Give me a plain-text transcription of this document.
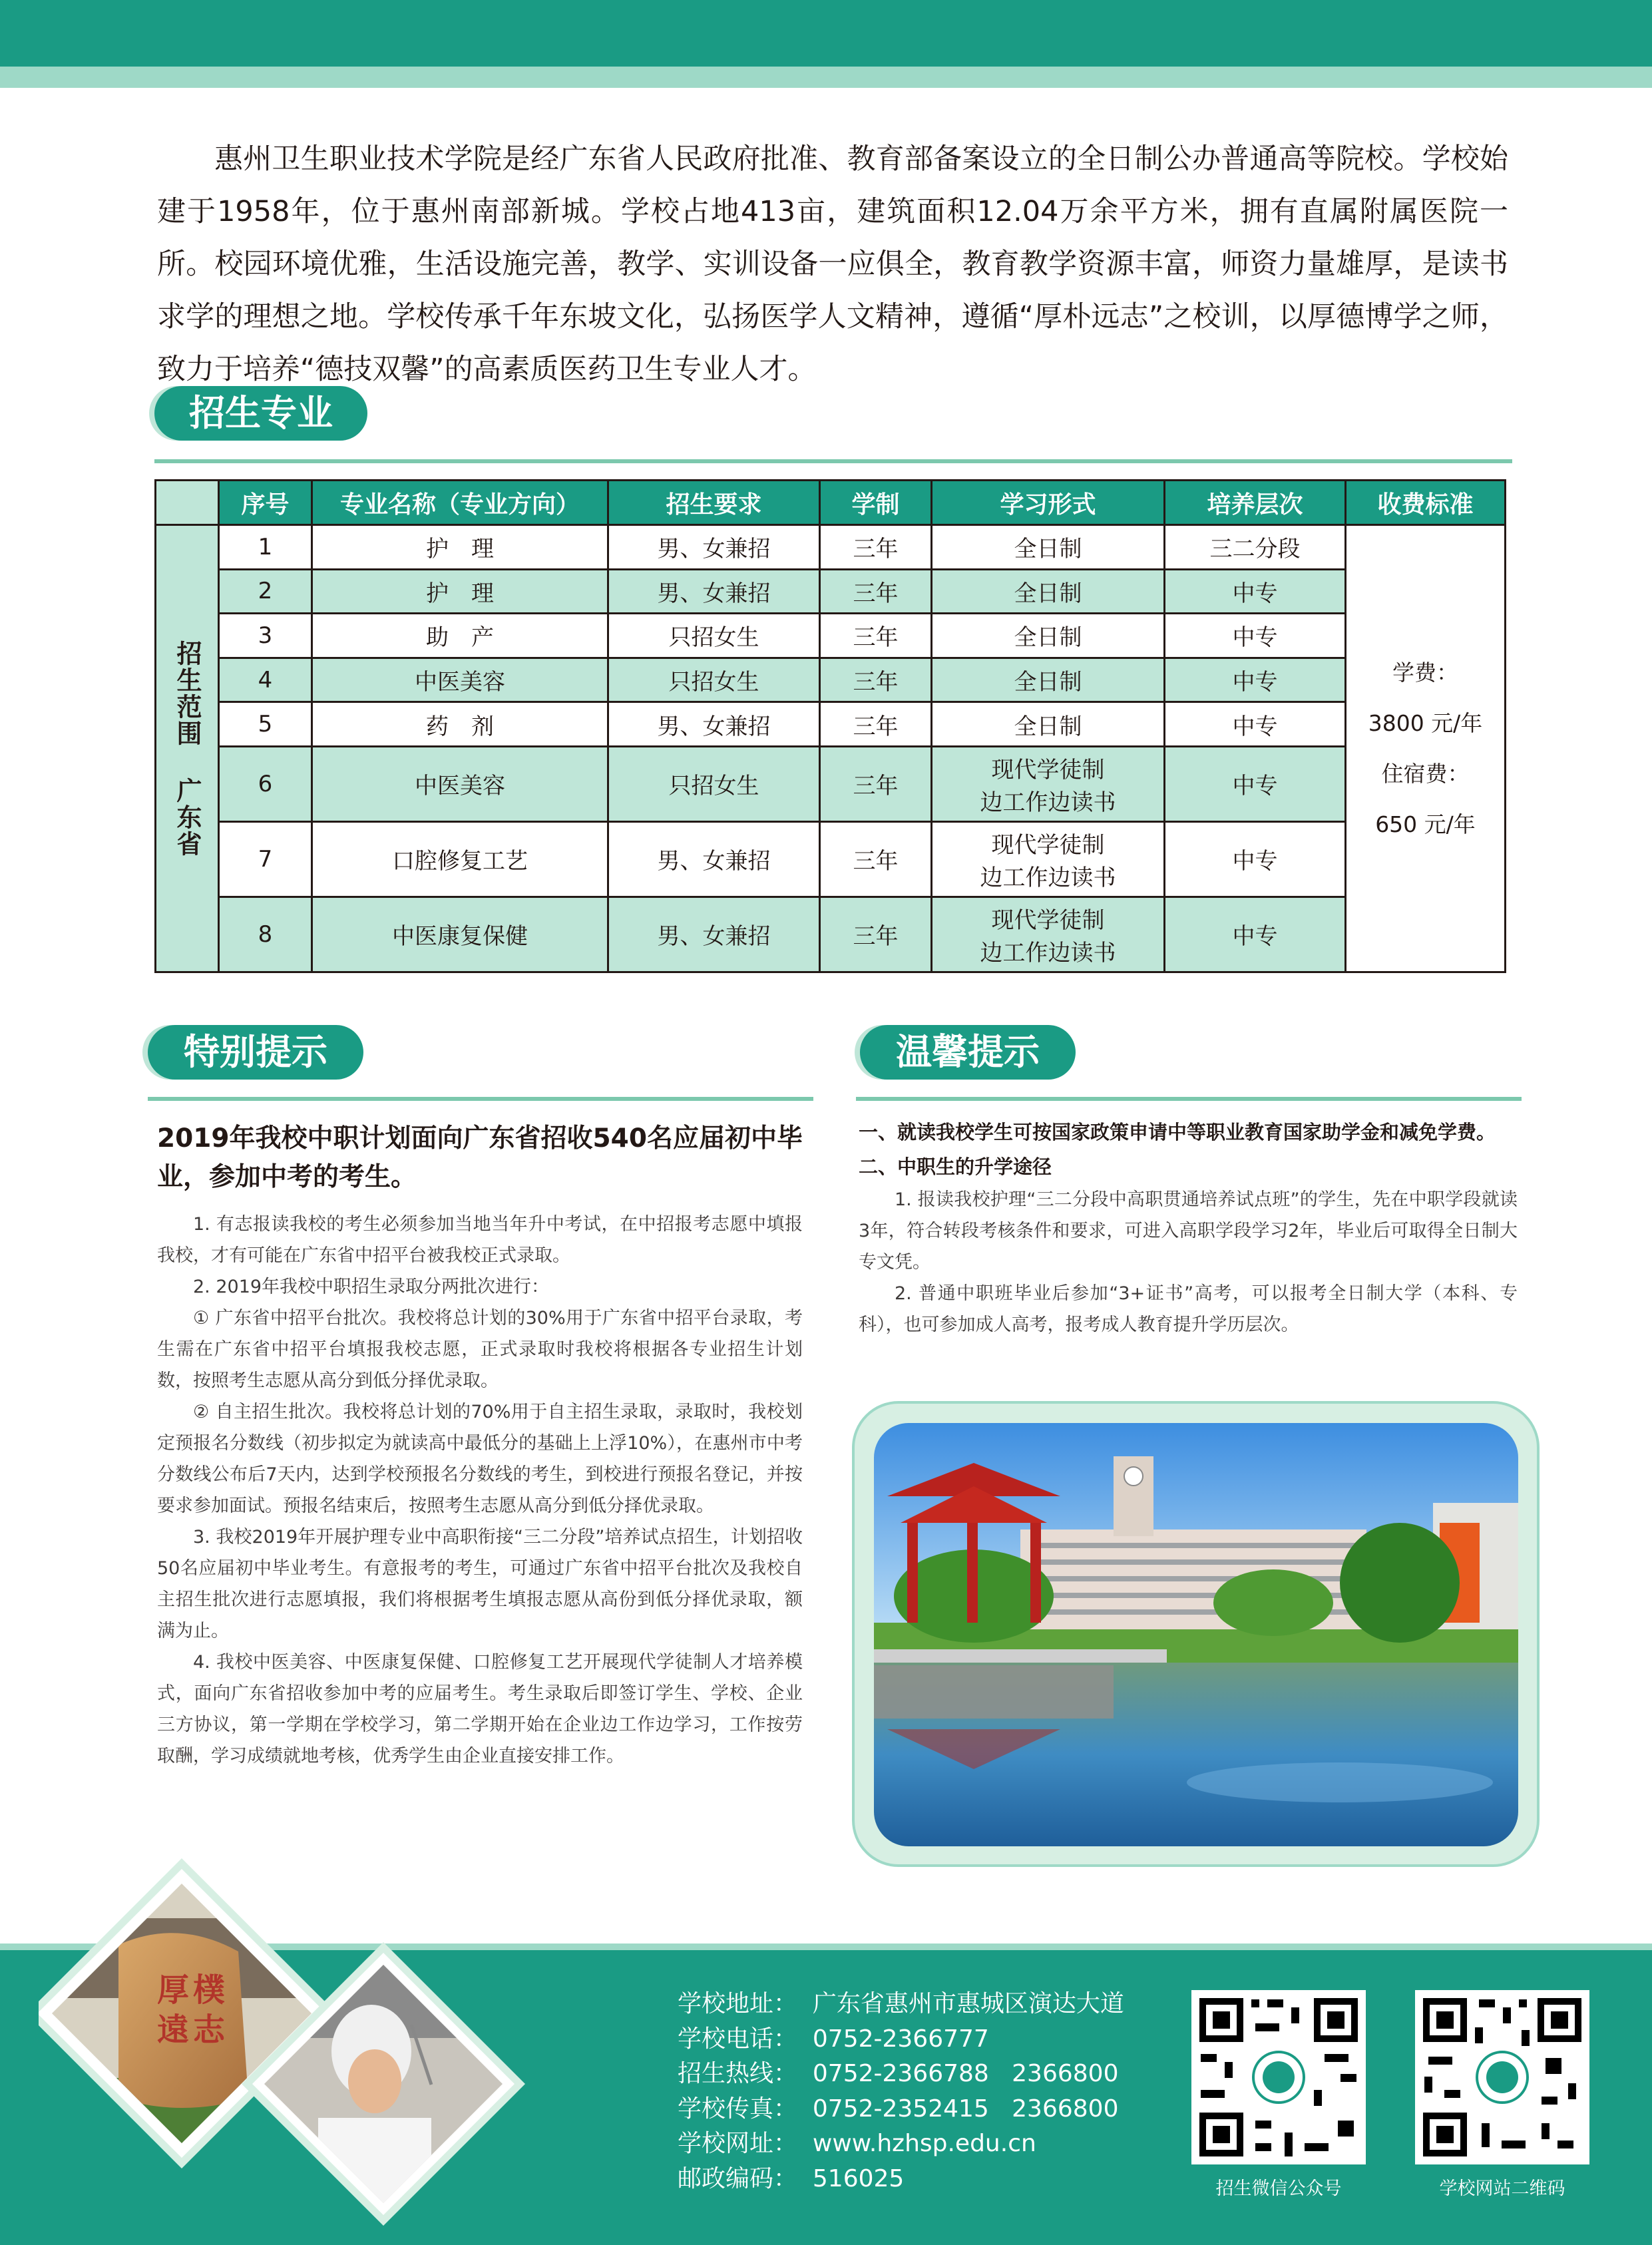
惠州卫生职业技术学院是经广东省人民政府批准、教育部备案设立的全日制公办普通高等院校。学校始建于1958年，位于惠州南部新城。学校占地413亩，建筑面积12.04万余平方米，拥有直属附属医院一所。校园环境优雅，生活设施完善，教学、实训设备一应俱全，教育教学资源丰富，师资力量雄厚，是读书求学的理想之地。学校传承千年东坡文化，弘扬医学人文精神，遵循“厚朴远志”之校训，以厚德博学之师，致力于培养“德技双馨”的高素质医药卫生专业人才。
招生专业
	序号	专业名称（专业方向）	招生要求	学制	学习形式	培养层次	收费标准

招生范围 广东省	1	护　理	男、女兼招	三年	全日制	三二分段	学费：
3800 元/年
住宿费：
650 元/年

	2	护　理	男、女兼招	三年	全日制	中专	
	3	助　产	只招女生	三年	全日制	中专	
	4	中医美容	只招女生	三年	全日制	中专	
	5	药　剂	男、女兼招	三年	全日制	中专	
	6	中医美容	只招女生	三年	现代学徒制
边工作边读书	中专	
	7	口腔修复工艺	男、女兼招	三年	现代学徒制
边工作边读书	中专	
	8	中医康复保健	男、女兼招	三年	现代学徒制
边工作边读书	中专	
特别提示
2019年我校中职计划面向广东省招收540名应届初中毕业，参加中考的考生。

1. 有志报读我校的考生必须参加当地当年升中考试，在中招报考志愿中填报我校，才有可能在广东省中招平台被我校正式录取。

2. 2019年我校中职招生录取分两批次进行：

① 广东省中招平台批次。我校将总计划的30%用于广东省中招平台录取，考生需在广东省中招平台填报我校志愿，正式录取时我校将根据各专业招生计划数，按照考生志愿从高分到低分择优录取。

② 自主招生批次。我校将总计划的70%用于自主招生录取，录取时，我校划定预报名分数线（初步拟定为就读高中最低分的基础上上浮10%），在惠州市中考分数线公布后7天内，达到学校预报名分数线的考生，到校进行预报名登记，并按要求参加面试。预报名结束后，按照考生志愿从高分到低分择优录取。

3. 我校2019年开展护理专业中高职衔接“三二分段”培养试点招生，计划招收50名应届初中毕业考生。有意报考的考生，可通过广东省中招平台批次及我校自主招生批次进行志愿填报，我们将根据考生填报志愿从高份到低分择优录取，额满为止。

4. 我校中医美容、中医康复保健、口腔修复工艺开展现代学徒制人才培养模式，面向广东省招收参加中考的应届考生。考生录取后即签订学生、学校、企业三方协议，第一学期在学校学习，第二学期开始在企业边工作边学习，工作按劳取酬，学习成绩就地考核，优秀学生由企业直接安排工作。

温馨提示
一、就读我校学生可按国家政策申请中等职业教育国家助学金和减免学费。
二、中职生的升学途径

1. 报读我校护理“三二分段中高职贯通培养试点班”的学生，先在中职学段就读3年，符合转段考核条件和要求，可进入高职学段学习2年，毕业后可取得全日制大专文凭。

2. 普通中职班毕业后参加“3+证书”高考，可以报考全日制大学（本科、专科），也可参加成人高考，报考成人教育提升学历层次。

厚
遠
樸
志
学校地址：  广东省惠州市惠城区演达大道
学校电话：  0752-2366777
招生热线：  0752-2366788   2366800
学校传真：  0752-2352415   2366800
学校网址：  www.hzhsp.edu.cn
邮政编码：  516025	招生微信公众号	学校网站二维码
